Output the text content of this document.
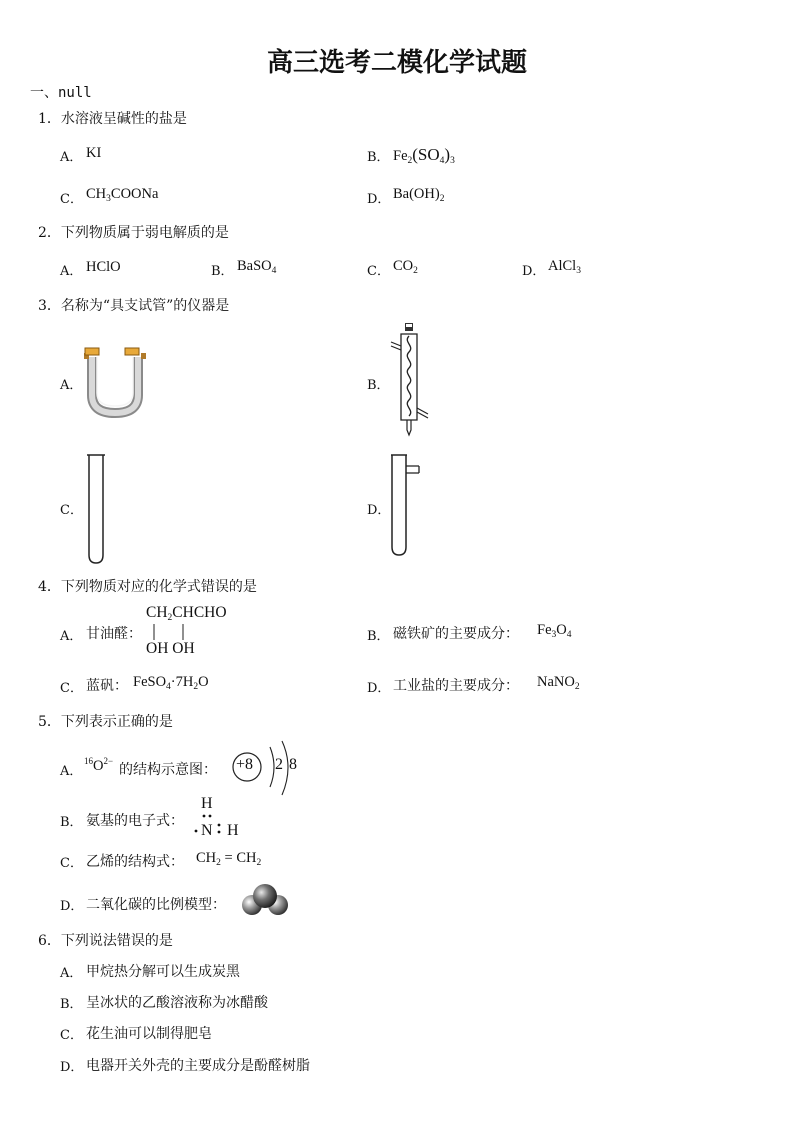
高三选考二模化学试题
一、null
1．水溶液呈碱性的盐是
A． KI	B． $Fe_2(SO_4)_3$
C． $CH_3COONa$	D． $Ba(OH)_2$
2．下列物质属于弱电解质的是
A． HClO	B． BaSO$_4$	C． $CO_2$	D． AlCl$_3$
3．名称为“具支试管”的仪器是
A．	B．
C．	D．
4．下列物质对应的化学式错误的是
A． 甘油醛：
$CH_2CHCHO$
OH OH
B． 磁铁矿的主要成分： $Fe_3O_4$
C． 蓝矾： $FeSO_4\cdot 7H_2O$	D． 工业盐的主要成分： NaNO$_2$
5．下列表示正确的是
A．
$^{16}O^{2-}$
的结构示意图： +8 2 8
B． 氨基的电子式：
H
N H
C． 乙烯的结构式： $CH_2 = CH_2$
D． 二氧化碳的比例模型：
6．下列说法错误的是
A． 甲烷热分解可以生成炭黑
B． 呈冰状的乙酸溶液称为冰醋酸
C． 花生油可以制得肥皂
D． 电器开关外壳的主要成分是酚醛树脂
